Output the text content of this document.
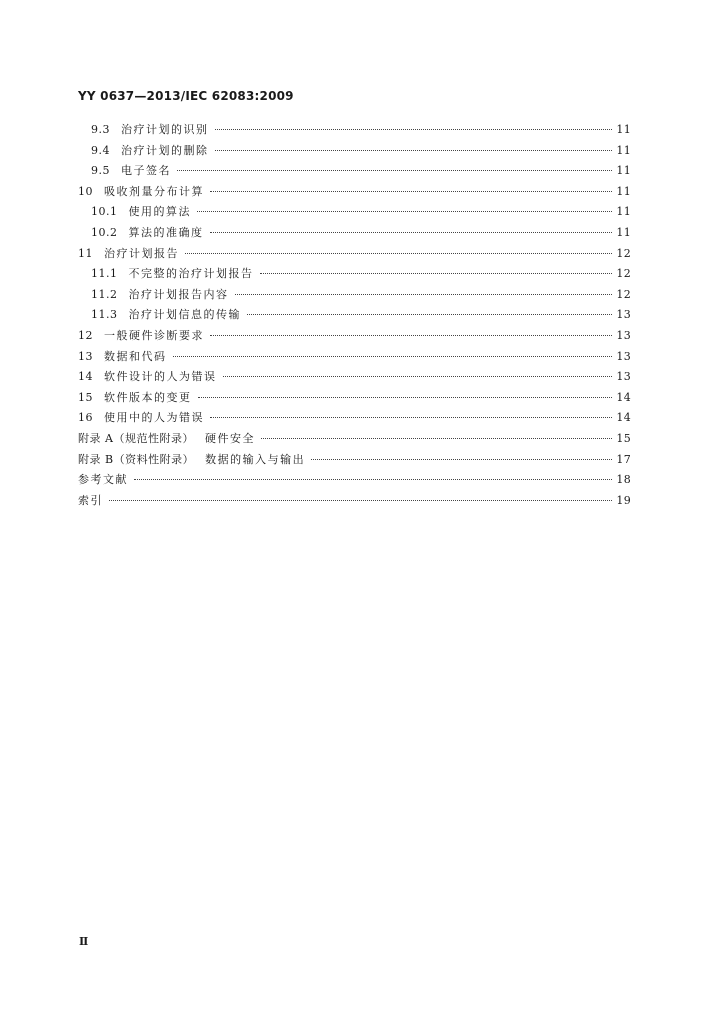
YY 0637—2013/IEC 62083:2009
9.3 治疗计划的识别	11
9.4 治疗计划的删除	11
9.5 电子签名	11
10 吸收剂量分布计算	11
10.1 使用的算法	11
10.2 算法的准确度	11
11 治疗计划报告	12
11.1 不完整的治疗计划报告	12
11.2 治疗计划报告内容	12
11.3 治疗计划信息的传输	13
12 一般硬件诊断要求	13
13 数据和代码	13
14 软件设计的人为错误	13
15 软件版本的变更	14
16 使用中的人为错误	14
附录 A（规范性附录） 硬件安全	15
附录 B（资料性附录） 数据的输入与输出	17
参考文献	18
索引	19
Ⅱ
